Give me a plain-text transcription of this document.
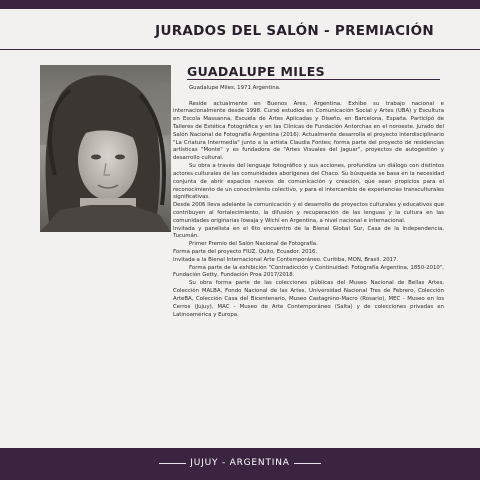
JURADOS DEL SALÓN - PREMIACIÓN
GUADALUPE MILES

Guadalupe Miles, 1971 Argentina.

Reside actualmente en Buenos Ares, Argentina. Exhibe su trabajo nacional e internacionalmente desde 1998. Cursó estudios en Comunicación Social y Artes (UBA) y Escultura en Escola Massanna, Escuela de Artes Aplicadas y Diseño, en Barcelona, España. Participó de Talleres de Estética Fotográfica y en las Clínicas de Fundación Antorchas en el noroeste. Jurado del Salón Nacional de Fotografía Argentina (2016). Actualmente desarrolla el proyecto interdisciplinario "La Criatura Intermedia" junto a la artista Claudia Fontes; forma parte del proyecto de residencias artísticas "Monte" y es fundadora de "Artes Visuales del Jaguar", proyectos de autogestión y desarrollo cultural.

Su obra a través del lenguaje fotográfico y sus acciones, profundiza un diálogo con distintos actores culturales de las comunidades aborígenes del Chaco. Su búsqueda se basa en la necesidad conjunta de abrir espacios nuevos de comunicación y creación, que sean propicios para el reconocimiento de un conocimiento colectivo, y para el intercambio de experiencias transculturales significativas.

Desde 2006 lleva adelante la comunicación y el desarrollo de proyectos culturales y educativos que contribuyen al fortalecimiento, la difusión y recuperación de las lenguas y la cultura en las comunidades originarias Iowaja y Wichí en Argentina, a nivel nacional e internacional.

Invitada y panelista en el 6to encuentro de la Bienal Global Sur, Casa de la Independencia, Tucumán.

Primer Premio del Salón Nacional de Fotografía.

Forma parte del proyecto FIUZ, Quito, Ecuador. 2016.

Invitada a la Bienal Internacional Arte Contemporáneo. Curitiba, MON, Brasil. 2017.

Forma parte de la exhibición "Contradicción y Continuidad: Fotografía Argentina, 1850-2010", Fundación Getty, Fundación Proa 2017/2018.

Su obra forma parte de las colecciones públicas del Museo Nacional de Bellas Artes, Colección MALBA, Fondo Nacional de las Artes, Universidad Nacional Tres de Febrero, Colección ArteBA, Colección Casa del Bicentenario, Museo Castagnino-Macro (Rosario), MEC - Museo en los Cerros (Jujuy), MAC - Museo de Arte Contemporáneo (Salta) y de colecciones privadas en Latinoamérica y Europa.

JUJUY - ARGENTINA
